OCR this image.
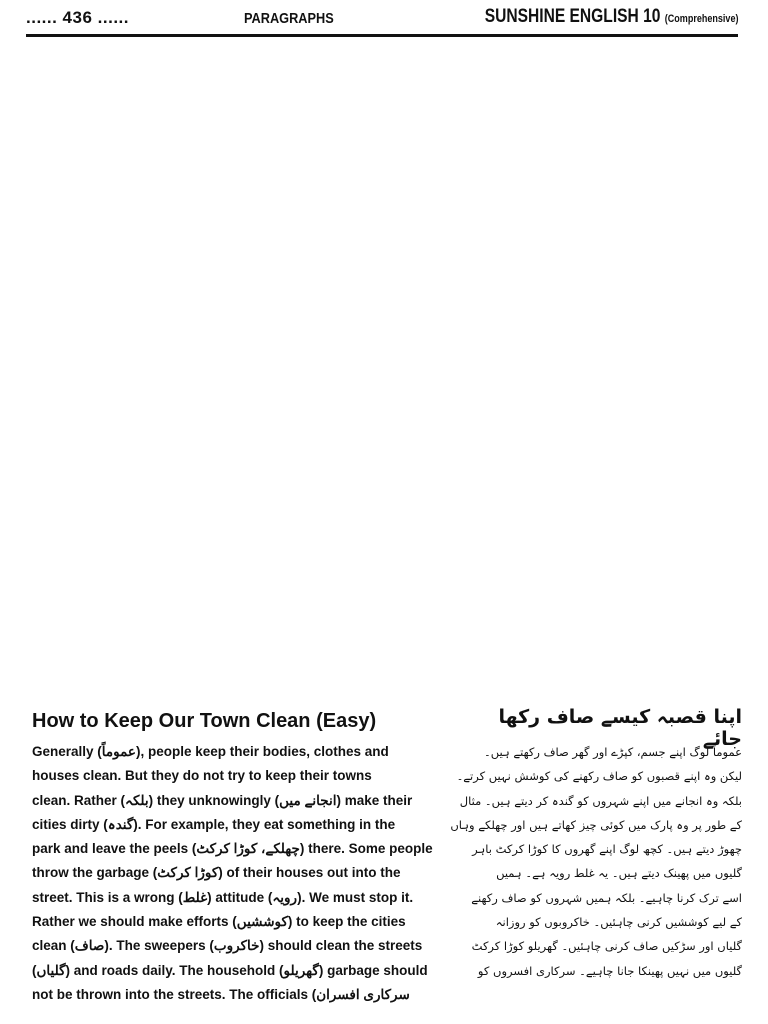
...... 436 ......	PARAGRAPHS	SUNSHINE ENGLISH 10 (Comprehensive)
How to Keep Our Town Clean (Easy)	اپنا قصبہ کیسے صاف رکھا جائے
Generally (عموماً), people keep their bodies, clothes and
houses clean. But they do not try to keep their towns
clean. Rather (بلکہ) they unknowingly (انجانے میں) make their
cities dirty (گندہ). For example, they eat something in the
park and leave the peels (چھلکے، کوڑا کرکٹ) there. Some people
throw the garbage (کوڑا کرکٹ) of their houses out into the
street. This is a wrong (غلط) attitude (رویہ). We must stop it.
Rather we should make efforts (کوششیں) to keep the cities
clean (صاف). The sweepers (خاکروب) should clean the streets
(گلیاں) and roads daily. The household (گھریلو) garbage should
not be thrown into the streets. The officials (سرکاری افسران
عموماً لوگ اپنے جسم، کپڑے اور گھر صاف رکھتے ہیں۔
لیکن وہ اپنے قصبوں کو صاف رکھنے کی کوشش نہیں کرتے۔
بلکہ وہ انجانے میں اپنے شہروں کو گندہ کر دیتے ہیں۔ مثال
کے طور پر وہ پارک میں کوئی چیز کھاتے ہیں اور چھلکے وہاں
چھوڑ دیتے ہیں۔ کچھ لوگ اپنے گھروں کا کوڑا کرکٹ باہر
گلیوں میں پھینک دیتے ہیں۔ یہ غلط رویہ ہے۔ ہمیں
اسے ترک کرنا چاہیے۔ بلکہ ہمیں شہروں کو صاف رکھنے
کے لیے کوششیں کرنی چاہئیں۔ خاکروبوں کو روزانہ
گلیاں اور سڑکیں صاف کرنی چاہئیں۔ گھریلو کوڑا کرکٹ
گلیوں میں نہیں پھینکا جانا چاہیے۔ سرکاری افسروں کو
